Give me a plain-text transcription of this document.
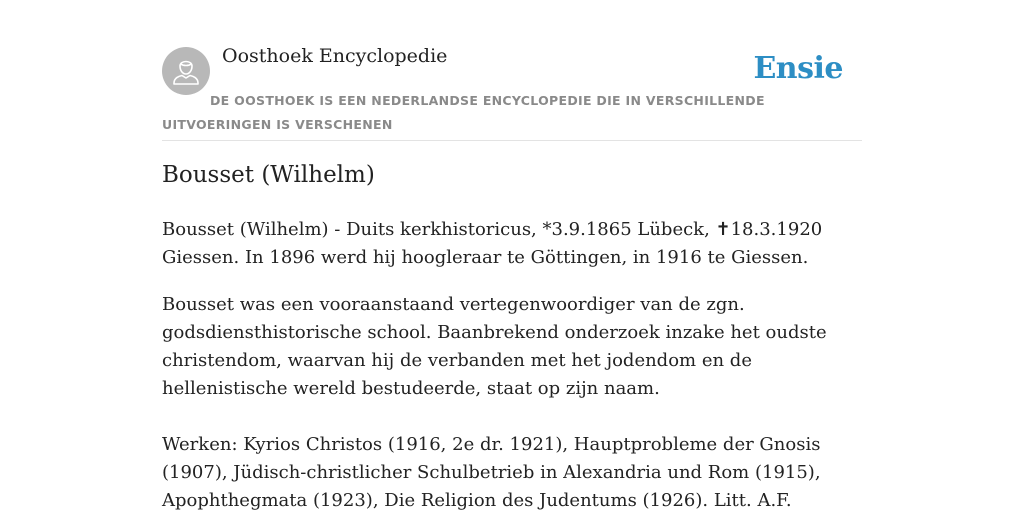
Oosthoek Encyclopedie	Ensie
DE OOSTHOEK IS EEN NEDERLANDSE ENCYCLOPEDIE DIE IN VERSCHILLENDE UITVOERINGEN IS VERSCHENEN
Bousset (Wilhelm)

Bousset (Wilhelm) - Duits kerkhistoricus, *3.9.1865 Lübeck, ✝18.3.1920 Giessen. In 1896 werd hij hoogleraar te Göttingen, in 1916 te Giessen.

Bousset was een vooraanstaand vertegenwoordiger van de zgn. godsdiensthistorische school. Baanbrekend onderzoek inzake het oudste christendom, waarvan hij de verbanden met het jodendom en de hellenistische wereld bestudeerde, staat op zijn naam.

Werken: Kyrios Christos (1916, 2e dr. 1921), Hauptprobleme der Gnosis (1907), Jüdisch-christlicher Schulbetrieb in Alexandria und Rom (1915), Apophthegmata (1923), Die Religion des Judentums (1926). Litt. A.F.
